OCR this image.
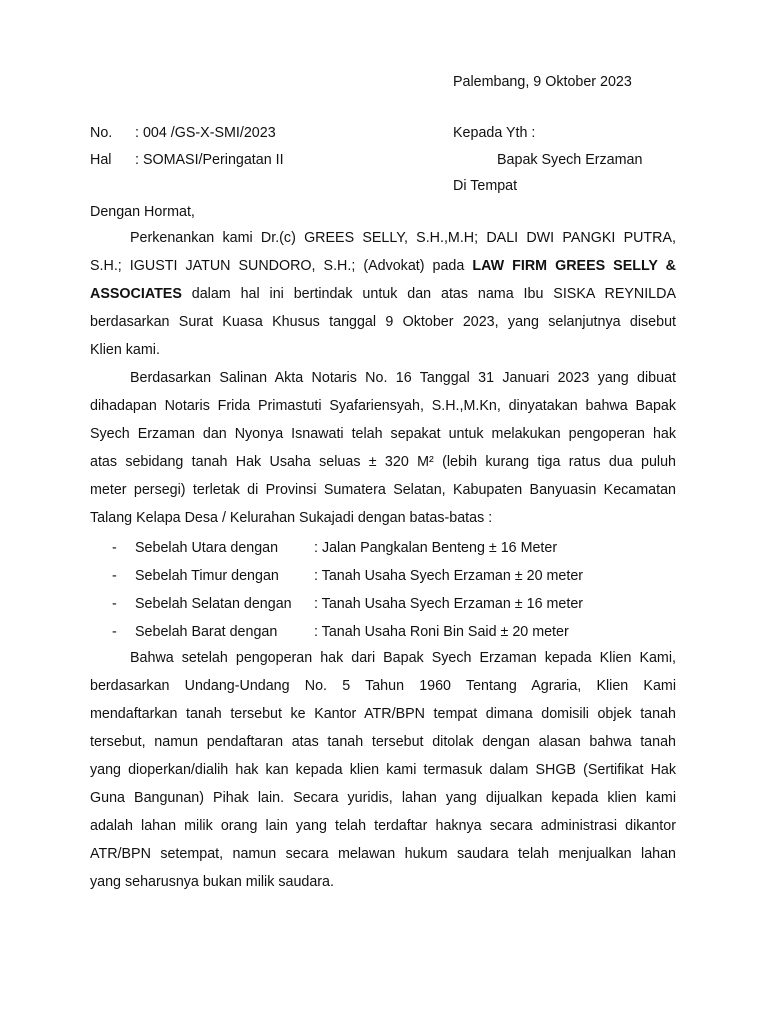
Palembang, 9 Oktober 2023
No. : 004 /GS-X-SMI/2023	Kepada Yth :
Hal : SOMASI/Peringatan II	Bapak Syech Erzaman
Di Tempat
Dengan Hormat,
Perkenankan kami Dr.(c) GREES SELLY, S.H.,M.H; DALI DWI PANGKI PUTRA,
S.H.; IGUSTI JATUN SUNDORO, S.H.; (Advokat) pada LAW FIRM GREES SELLY &
ASSOCIATES dalam hal ini bertindak untuk dan atas nama Ibu SISKA REYNILDA
berdasarkan Surat Kuasa Khusus tanggal 9 Oktober 2023, yang selanjutnya disebut
Klien kami.
Berdasarkan Salinan Akta Notaris No. 16 Tanggal 31 Januari 2023 yang dibuat
dihadapan Notaris Frida Primastuti Syafariensyah, S.H.,M.Kn, dinyatakan bahwa Bapak
Syech Erzaman dan Nyonya Isnawati telah sepakat untuk melakukan pengoperan hak
atas sebidang tanah Hak Usaha seluas ± 320 M² (lebih kurang tiga ratus dua puluh
meter persegi) terletak di Provinsi Sumatera Selatan, Kabupaten Banyuasin Kecamatan
Talang Kelapa Desa / Kelurahan Sukajadi dengan batas-batas :
- Sebelah Utara dengan	: Jalan Pangkalan Benteng ± 16 Meter
- Sebelah Timur dengan : Tanah Usaha Syech Erzaman ± 20 meter
- Sebelah Selatan dengan : Tanah Usaha Syech Erzaman ± 16 meter
- Sebelah Barat dengan	: Tanah Usaha Roni Bin Said ± 20 meter
Bahwa setelah pengoperan hak dari Bapak Syech Erzaman kepada Klien Kami,
berdasarkan Undang-Undang No. 5 Tahun 1960 Tentang Agraria, Klien Kami
mendaftarkan tanah tersebut ke Kantor ATR/BPN tempat dimana domisili objek tanah
tersebut, namun pendaftaran atas tanah tersebut ditolak dengan alasan bahwa tanah
yang dioperkan/dialih hak kan kepada klien kami termasuk dalam SHGB (Sertifikat Hak
Guna Bangunan) Pihak lain. Secara yuridis, lahan yang dijualkan kepada klien kami
adalah lahan milik orang lain yang telah terdaftar haknya secara administrasi dikantor
ATR/BPN setempat, namun secara melawan hukum saudara telah menjualkan lahan
yang seharusnya bukan milik saudara.
